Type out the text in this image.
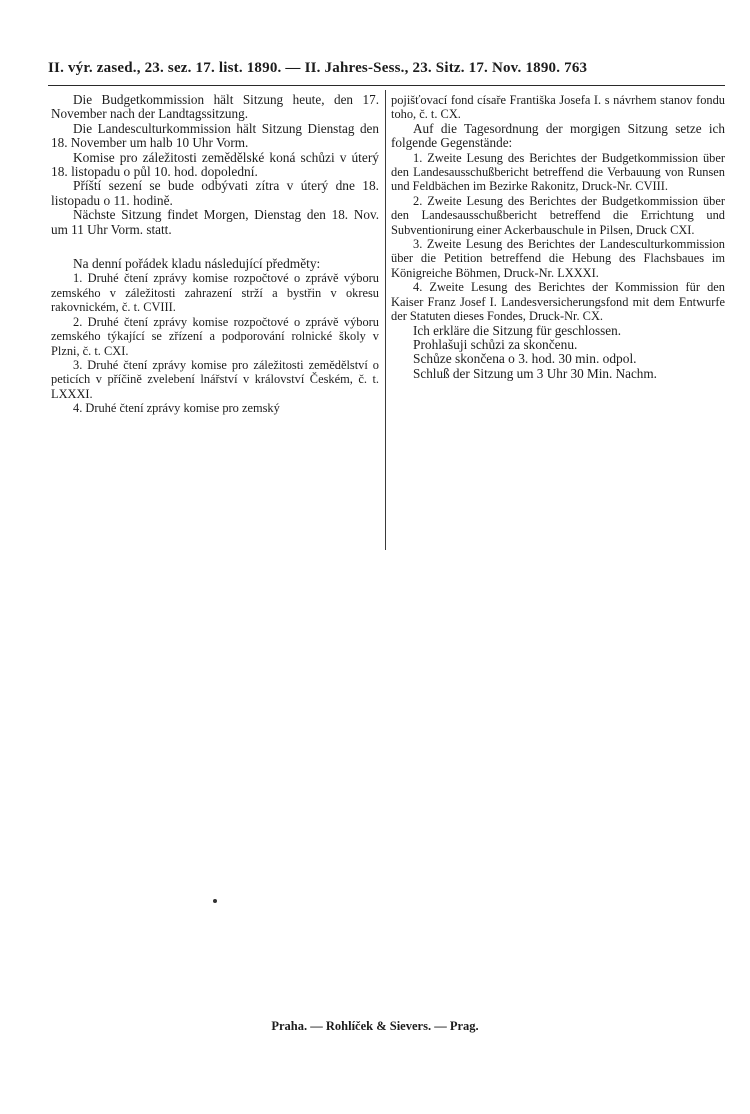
II. výr. zased., 23. sez. 17. list. 1890. — II. Jahres-Sess., 23. Sitz. 17. Nov. 1890. 763

Die Budgetkommission hält Sitzung heute, den 17. November nach der Landtagssitzung.

Die Landesculturkommission hält Sitzung Dienstag den 18. November um halb 10 Uhr Vorm.

Komise pro záležitosti zemědělské koná schůzi v úterý 18. listopadu o půl 10. hod. dopolední.

Příští sezení se bude odbývati zítra v úterý dne 18. listopadu o 11. hodině.

Nächste Sitzung findet Morgen, Dienstag den 18. Nov. um 11 Uhr Vorm. statt.

Na denní pořádek kladu následující předměty:

1. Druhé čtení zprávy komise rozpočtové o zprávě výboru zemského v záležitosti zahrazení strží a bystřin v okresu rakovnickém, č. t. CVIII.

2. Druhé čtení zprávy komise rozpočtové o zprávě výboru zemského týkající se zřízení a podporování rolnické školy v Plzni, č. t. CXI.

3. Druhé čtení zprávy komise pro záležitosti zemědělství o peticích v příčině zvelebení lnářství v království Českém, č. t. LXXXI.

4. Druhé čtení zprávy komise pro zemský

pojišťovací fond císaře Františka Josefa I. s návrhem stanov fondu toho, č. t. CX.

Auf die Tagesordnung der morgigen Sitzung setze ich folgende Gegenstände:

1. Zweite Lesung des Berichtes der Budgetkommission über den Landesausschußbericht betreffend die Verbauung von Runsen und Feldbächen im Bezirke Rakonitz, Druck-Nr. CVIII.

2. Zweite Lesung des Berichtes der Budgetkommission über den Landesausschußbericht betreffend die Errichtung und Subventionirung einer Ackerbauschule in Pilsen, Druck CXI.

3. Zweite Lesung des Berichtes der Landesculturkommission über die Petition betreffend die Hebung des Flachsbaues im Königreiche Böhmen, Druck-Nr. LXXXI.

4. Zweite Lesung des Berichtes der Kommission für den Kaiser Franz Josef I. Landesversicherungsfond mit dem Entwurfe der Statuten dieses Fondes, Druck-Nr. CX.

Ich erkläre die Sitzung für geschlossen.

Prohlašuji schůzi za skončenu.

Schůze skončena o 3. hod. 30 min. odpol.

Schluß der Sitzung um 3 Uhr 30 Min. Nachm.

Praha. — Rohlíček & Sievers. — Prag.
